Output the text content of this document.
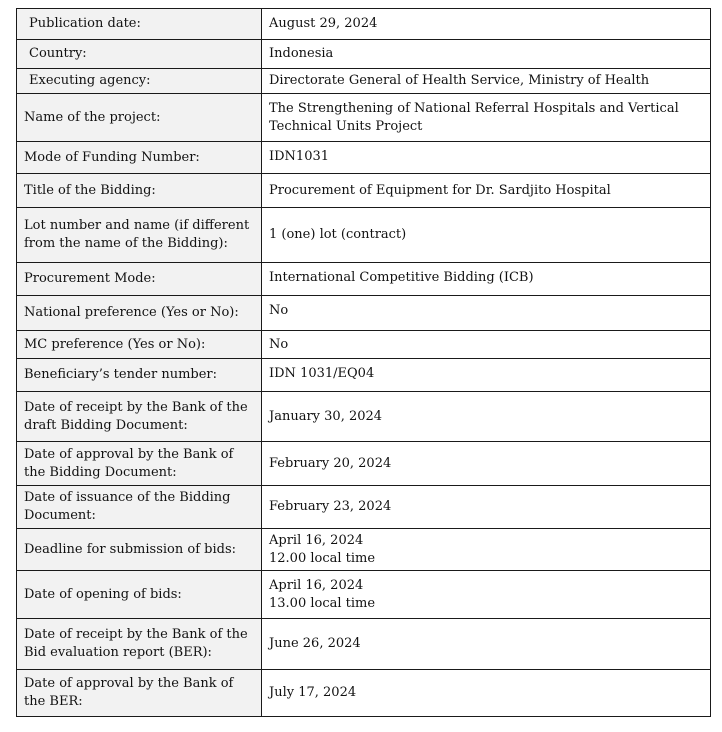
Publication date:	August 29, 2024

Country:	Indonesia

Executing agency:	Directorate General of Health Service, Ministry of Health

Name of the project:	The Strengthening of National Referral Hospitals and Vertical Technical Units Project

Mode of Funding Number:	IDN1031

Title of the Bidding:	Procurement of Equipment for Dr. Sardjito Hospital

Lot number and name (if different from the name of the Bidding):	1 (one) lot (contract)

Procurement Mode:	International Competitive Bidding (ICB)

National preference (Yes or No):	No

MC preference (Yes or No):	No

Beneficiary’s tender number:	IDN 1031/EQ04

Date of receipt by the Bank of the draft Bidding Document:	January 30, 2024

Date of approval by the Bank of the Bidding Document:	February 20, 2024

Date of issuance of the Bidding Document:	February 23, 2024

Deadline for submission of bids:	April 16, 2024
12.00 local time

Date of opening of bids:	April 16, 2024
13.00 local time

Date of receipt by the Bank of the Bid evaluation report (BER):	June 26, 2024

Date of approval by the Bank of the BER:	July 17, 2024
